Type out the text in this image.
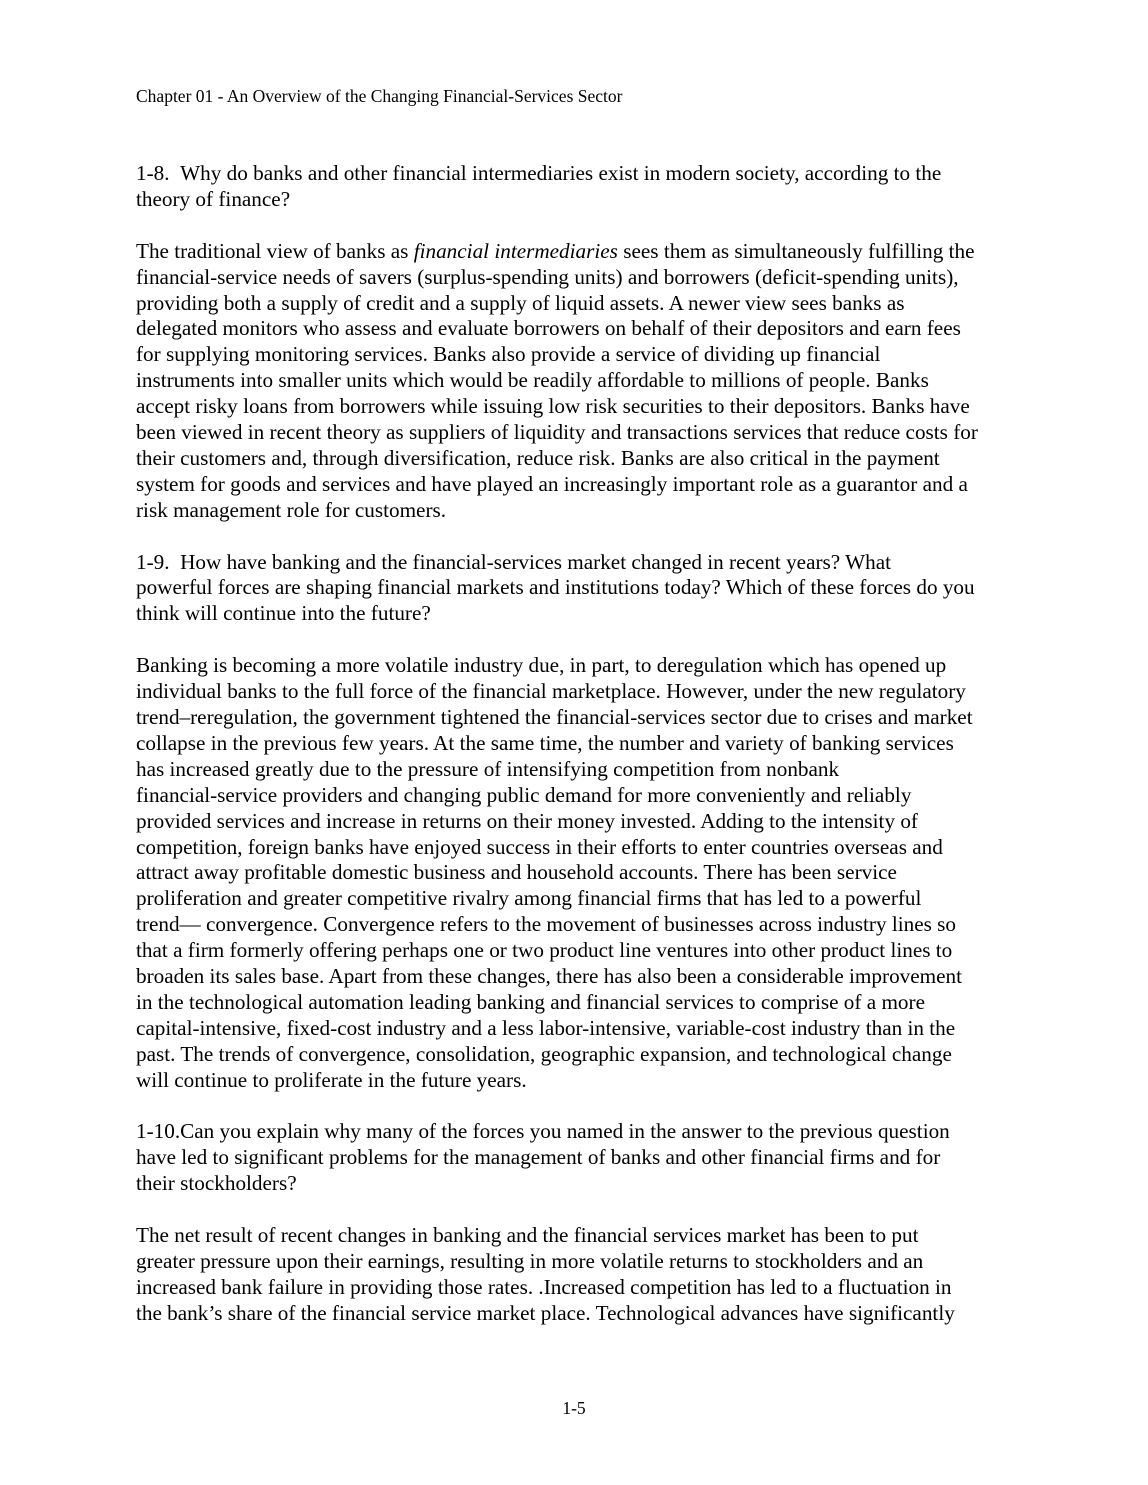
Chapter 01 - An Overview of the Changing Financial-Services Sector

1-8.  Why do banks and other financial intermediaries exist in modern society, according to the
theory of finance?

The traditional view of banks as financial intermediaries sees them as simultaneously fulfilling the
financial-service needs of savers (surplus-spending units) and borrowers (deficit-spending units),
providing both a supply of credit and a supply of liquid assets. A newer view sees banks as
delegated monitors who assess and evaluate borrowers on behalf of their depositors and earn fees
for supplying monitoring services. Banks also provide a service of dividing up financial
instruments into smaller units which would be readily affordable to millions of people. Banks
accept risky loans from borrowers while issuing low risk securities to their depositors. Banks have
been viewed in recent theory as suppliers of liquidity and transactions services that reduce costs for
their customers and, through diversification, reduce risk. Banks are also critical in the payment
system for goods and services and have played an increasingly important role as a guarantor and a
risk management role for customers.

1-9.  How have banking and the financial-services market changed in recent years? What
powerful forces are shaping financial markets and institutions today? Which of these forces do you
think will continue into the future?

Banking is becoming a more volatile industry due, in part, to deregulation which has opened up
individual banks to the full force of the financial marketplace. However, under the new regulatory
trend–reregulation, the government tightened the financial-services sector due to crises and market
collapse in the previous few years. At the same time, the number and variety of banking services
has increased greatly due to the pressure of intensifying competition from nonbank
financial-service providers and changing public demand for more conveniently and reliably
provided services and increase in returns on their money invested. Adding to the intensity of
competition, foreign banks have enjoyed success in their efforts to enter countries overseas and
attract away profitable domestic business and household accounts. There has been service
proliferation and greater competitive rivalry among financial firms that has led to a powerful
trend— convergence. Convergence refers to the movement of businesses across industry lines so
that a firm formerly offering perhaps one or two product line ventures into other product lines to
broaden its sales base. Apart from these changes, there has also been a considerable improvement
in the technological automation leading banking and financial services to comprise of a more
capital-intensive, fixed-cost industry and a less labor-intensive, variable-cost industry than in the
past. The trends of convergence, consolidation, geographic expansion, and technological change
will continue to proliferate in the future years.

1-10.Can you explain why many of the forces you named in the answer to the previous question
have led to significant problems for the management of banks and other financial firms and for
their stockholders?

The net result of recent changes in banking and the financial services market has been to put
greater pressure upon their earnings, resulting in more volatile returns to stockholders and an
increased bank failure in providing those rates. .Increased competition has led to a fluctuation in
the bank’s share of the financial service market place. Technological advances have significantly

1-5
